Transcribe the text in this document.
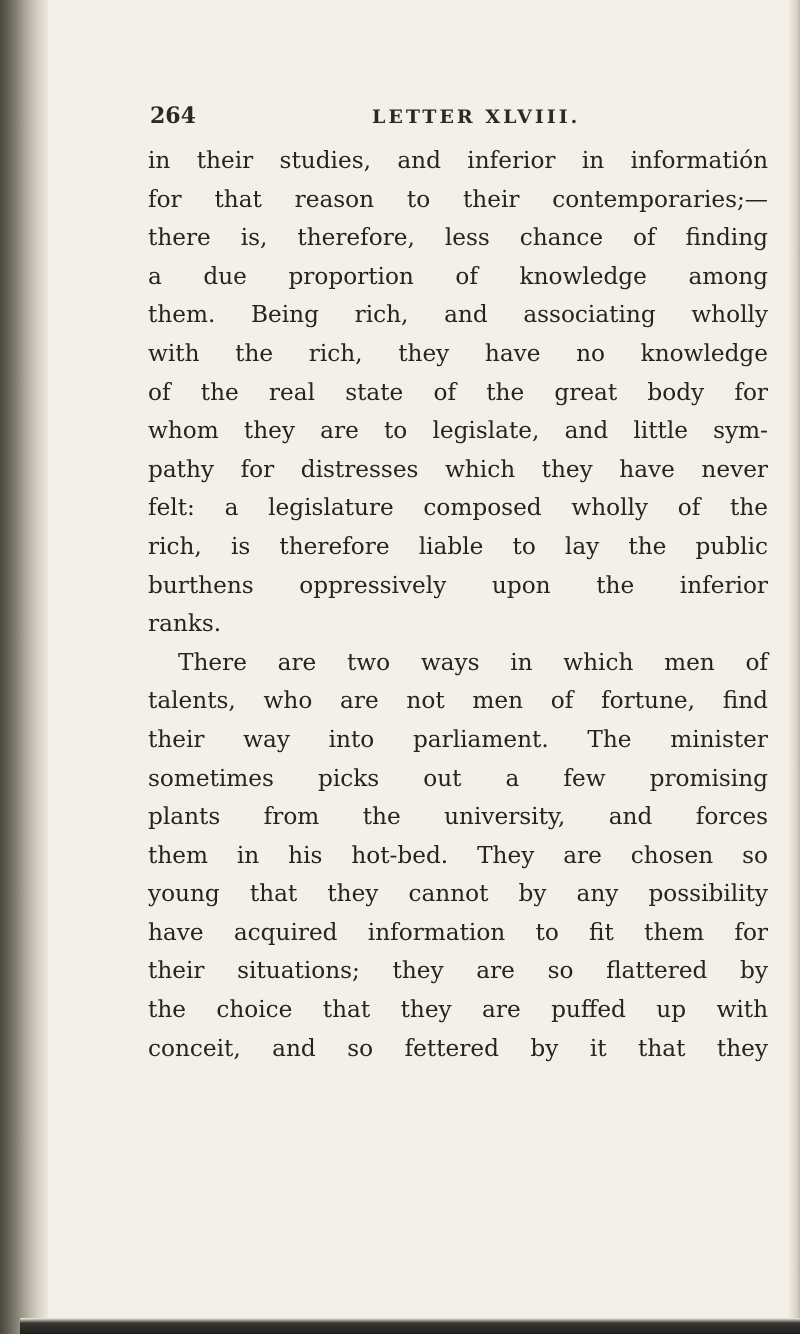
264	LETTER XLVIII.
in their studies, and inferior in informatión
for that reason to their contemporaries;—
there is, therefore, less chance of finding
a due proportion of knowledge among
them. Being rich, and associating wholly
with the rich, they have no knowledge
of the real state of the great body for
whom they are to legislate, and little sym-
pathy for distresses which they have never
felt: a legislature composed wholly of the
rich, is therefore liable to lay the public
burthens oppressively upon the inferior
ranks.
There are two ways in which men of
talents, who are not men of fortune, find
their way into parliament. The minister
sometimes picks out a few promising
plants from the university, and forces
them in his hot-bed. They are chosen so
young that they cannot by any possibility
have acquired information to fit them for
their situations; they are so flattered by
the choice that they are puffed up with
conceit, and so fettered by it that they
